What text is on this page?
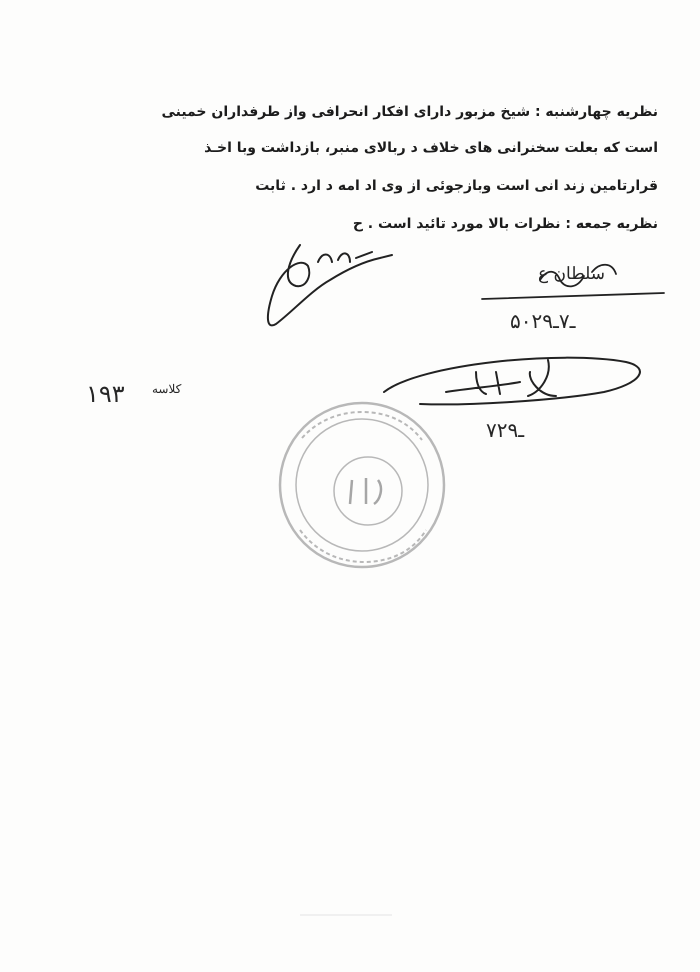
نظریه چهارشنبه : شیخ مزبور دارای افکار انحرافی واز طرفداران خمینی
است که بعلت سخنرانی های خلاف د ربالای منبر، بازداشت وبا اخـذ
قرارتامین زند انی است وبازجوئی از وی اد امه د ارد . ثابت
نظریه جمعه : نظرات بالا مورد تائید است . ح
سلطان ع
۵۰ـ۷ـ۲۹
۷ـ۲۹
۱۹۳ کلاسه
